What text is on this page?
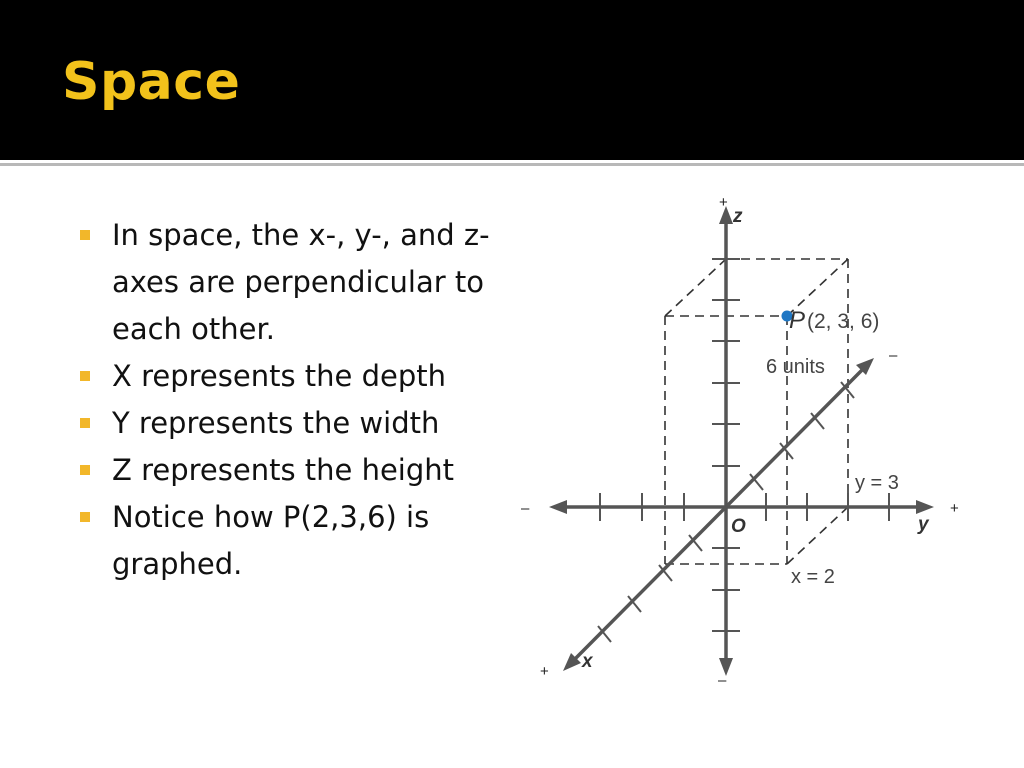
Space
In space, the x-, y-, and z- axes are perpendicular to each other.
X represents the depth
Y represents the width
Z represents the height
Notice how P(2,3,6) is graphed.
z
+
–
y
+
–
x
+
–
O
P (2, 3, 6)
6 units
y = 3
x = 2
